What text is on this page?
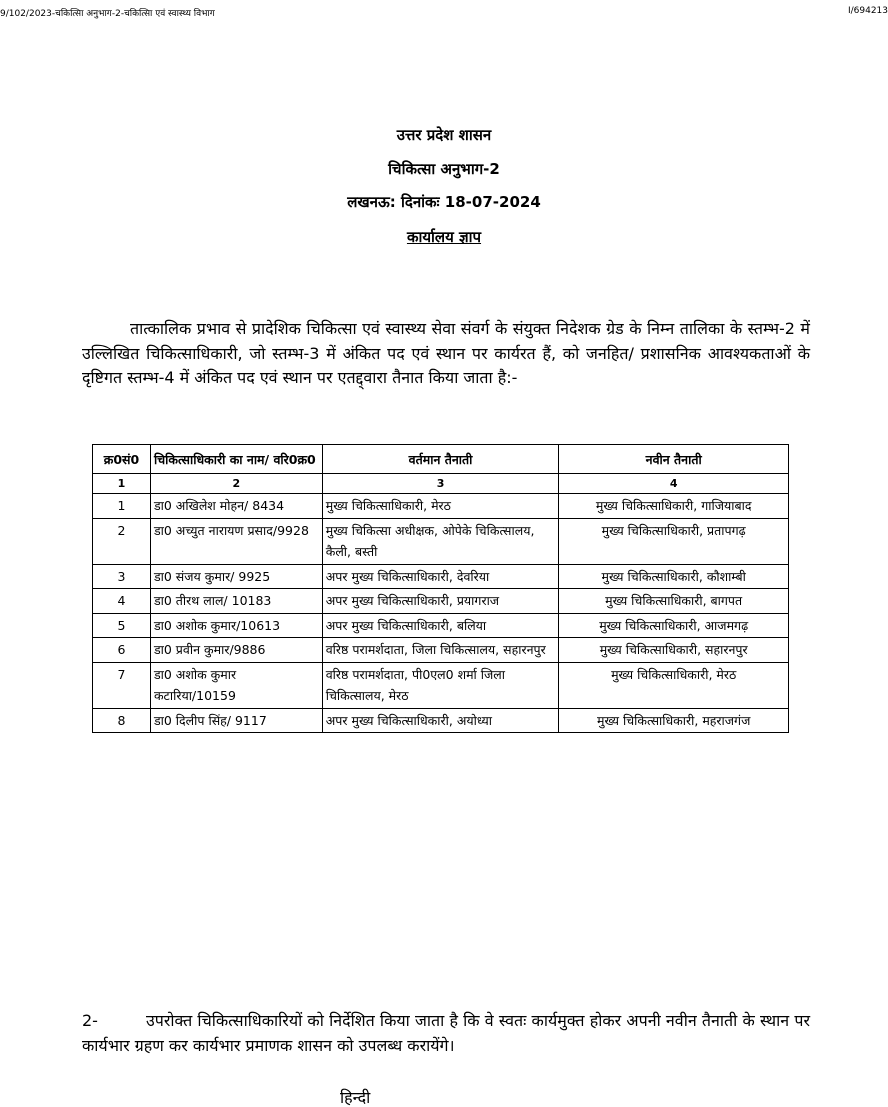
9/102/2023-चकित्सिा अनुभाग-2-चकित्सिा एवं स्वास्थ्य विभाग	I/694213
उत्तर प्रदेश शासन
चिकित्सा अनुभाग-2
लखनऊ: दिनांकः 18-07-2024
कार्यालय ज्ञाप
तात्कालिक प्रभाव से प्रादेशिक चिकित्सा एवं स्वास्थ्य सेवा संवर्ग के संयुक्त निदेशक ग्रेड के निम्न तालिका के स्तम्भ-2 में उल्लिखित चिकित्साधिकारी, जो स्तम्भ-3 में अंकित पद एवं स्थान पर कार्यरत हैं, को जनहित/ प्रशासनिक आवश्यकताओं के दृष्टिगत स्तम्भ-4 में अंकित पद एवं स्थान पर एतद्द्वारा तैनात किया जाता है:-
क्र0सं0	चिकित्साधिकारी का नाम/ वरि0क्र0	वर्तमान तैनाती	नवीन तैनाती
1	2	3	4
1	डा0 अखिलेश मोहन/ 8434	मुख्य चिकित्साधिकारी, मेरठ	मुख्य चिकित्साधिकारी, गाजियाबाद
2	डा0 अच्युत नारायण प्रसाद/9928	मुख्य चिकित्सा अधीक्षक, ओपेके चिकित्सालय, कैली, बस्ती	मुख्य चिकित्साधिकारी, प्रतापगढ़
3	डा0 संजय कुमार/ 9925	अपर मुख्य चिकित्साधिकारी, देवरिया	मुख्य चिकित्साधिकारी, कौशाम्बी
4	डा0 तीरथ लाल/ 10183	अपर मुख्य चिकित्साधिकारी, प्रयागराज	मुख्य चिकित्साधिकारी, बागपत
5	डा0 अशोक कुमार/10613	अपर मुख्य चिकित्साधिकारी, बलिया	मुख्य चिकित्साधिकारी, आजमगढ़
6	डा0 प्रवीन कुमार/9886	वरिष्ठ परामर्शदाता, जिला चिकित्सालय, सहारनपुर	मुख्य चिकित्साधिकारी, सहारनपुर
7	डा0 अशोक कुमार कटारिया/10159	वरिष्ठ परामर्शदाता, पी0एल0 शर्मा जिला चिकित्सालय, मेरठ	मुख्य चिकित्साधिकारी, मेरठ
8	डा0 दिलीप सिंह/ 9117	अपर मुख्य चिकित्साधिकारी, अयोध्या	मुख्य चिकित्साधिकारी, महराजगंज
2-	उपरोक्त चिकित्साधिकारियों को निर्देशित किया जाता है कि वे स्वतः कार्यमुक्त होकर अपनी नवीन तैनाती के स्थान पर कार्यभार ग्रहण कर कार्यभार प्रमाणक शासन को उपलब्ध करायेंगे।
हिन्दी
